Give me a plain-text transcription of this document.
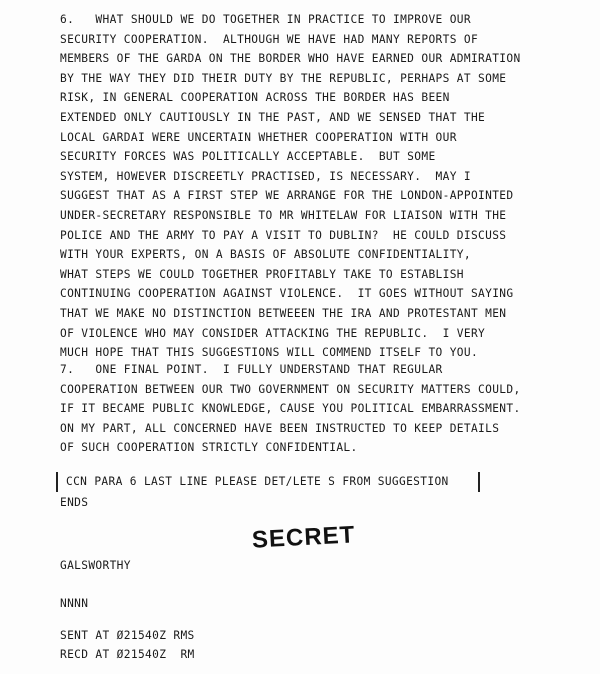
6.   WHAT SHOULD WE DO TOGETHER IN PRACTICE TO IMPROVE OUR
SECURITY COOPERATION.  ALTHOUGH WE HAVE HAD MANY REPORTS OF
MEMBERS OF THE GARDA ON THE BORDER WHO HAVE EARNED OUR ADMIRATION
BY THE WAY THEY DID THEIR DUTY BY THE REPUBLIC, PERHAPS AT SOME
RISK, IN GENERAL COOPERATION ACROSS THE BORDER HAS BEEN
EXTENDED ONLY CAUTIOUSLY IN THE PAST, AND WE SENSED THAT THE
LOCAL GARDAI WERE UNCERTAIN WHETHER COOPERATION WITH OUR
SECURITY FORCES WAS POLITICALLY ACCEPTABLE.  BUT SOME
SYSTEM, HOWEVER DISCREETLY PRACTISED, IS NECESSARY.  MAY I
SUGGEST THAT AS A FIRST STEP WE ARRANGE FOR THE LONDON-APPOINTED
UNDER-SECRETARY RESPONSIBLE TO MR WHITELAW FOR LIAISON WITH THE
POLICE AND THE ARMY TO PAY A VISIT TO DUBLIN?  HE COULD DISCUSS
WITH YOUR EXPERTS, ON A BASIS OF ABSOLUTE CONFIDENTIALITY,
WHAT STEPS WE COULD TOGETHER PROFITABLY TAKE TO ESTABLISH
CONTINUING COOPERATION AGAINST VIOLENCE.  IT GOES WITHOUT SAYING
THAT WE MAKE NO DISTINCTION BETWEEEN THE IRA AND PROTESTANT MEN
OF VIOLENCE WHO MAY CONSIDER ATTACKING THE REPUBLIC.  I VERY
MUCH HOPE THAT THIS SUGGESTIONS WILL COMMEND ITSELF TO YOU.
7.   ONE FINAL POINT.  I FULLY UNDERSTAND THAT REGULAR
COOPERATION BETWEEN OUR TWO GOVERNMENT ON SECURITY MATTERS COULD,
IF IT BECAME PUBLIC KNOWLEDGE, CAUSE YOU POLITICAL EMBARRASSMENT.
ON MY PART, ALL CONCERNED HAVE BEEN INSTRUCTED TO KEEP DETAILS
OF SUCH COOPERATION STRICTLY CONFIDENTIAL.
CCN PARA 6 LAST LINE PLEASE DET/LETE S FROM SUGGESTION
ENDS
SECRET
GALSWORTHY
NNNN
SENT AT Ø21540Z RMS
RECD AT Ø21540Z  RM
